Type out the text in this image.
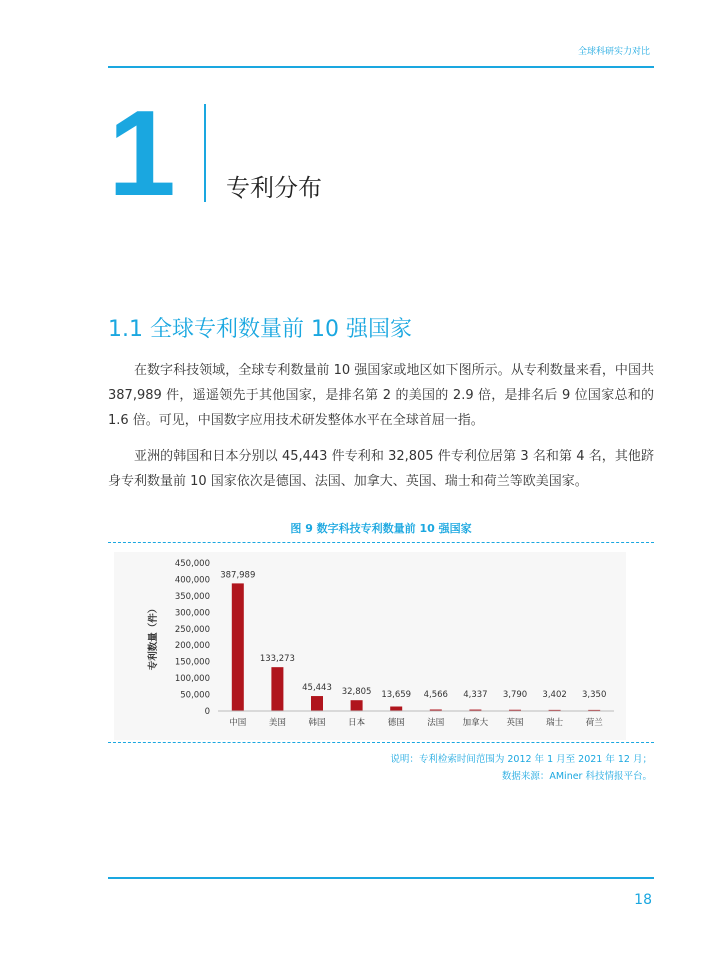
全球科研实力对比
1 专利分布
1.1 全球专利数量前 10 强国家
在数字科技领域，全球专利数量前 10 强国家或地区如下图所示。从专利数量来看，中国共 387,989 件，遥遥领先于其他国家，是排名第 2 的美国的 2.9 倍，是排名后 9 位国家总和的 1.6 倍。可见，中国数字应用技术研发整体水平在全球首屈一指。
亚洲的韩国和日本分别以 45,443 件专利和 32,805 件专利位居第 3 名和第 4 名，其他跻身专利数量前 10 国家依次是德国、法国、加拿大、英国、瑞士和荷兰等欧美国家。
图 9 数字科技专利数量前 10 强国家
0
50,000
100,000
150,000
200,000
250,000
300,000
350,000
400,000
450,000
387,989
133,273
45,443 32,805 13,659 4,566 4,337 3,790 3,402 3,350
中国	美国	韩国	日本	德国	法国 加拿大 英国	瑞士	荷兰
专利数量（件）
说明：专利检索时间范围为 2012 年 1 月至 2021 年 12 月；
数据来源：AMiner 科技情报平台。
18
